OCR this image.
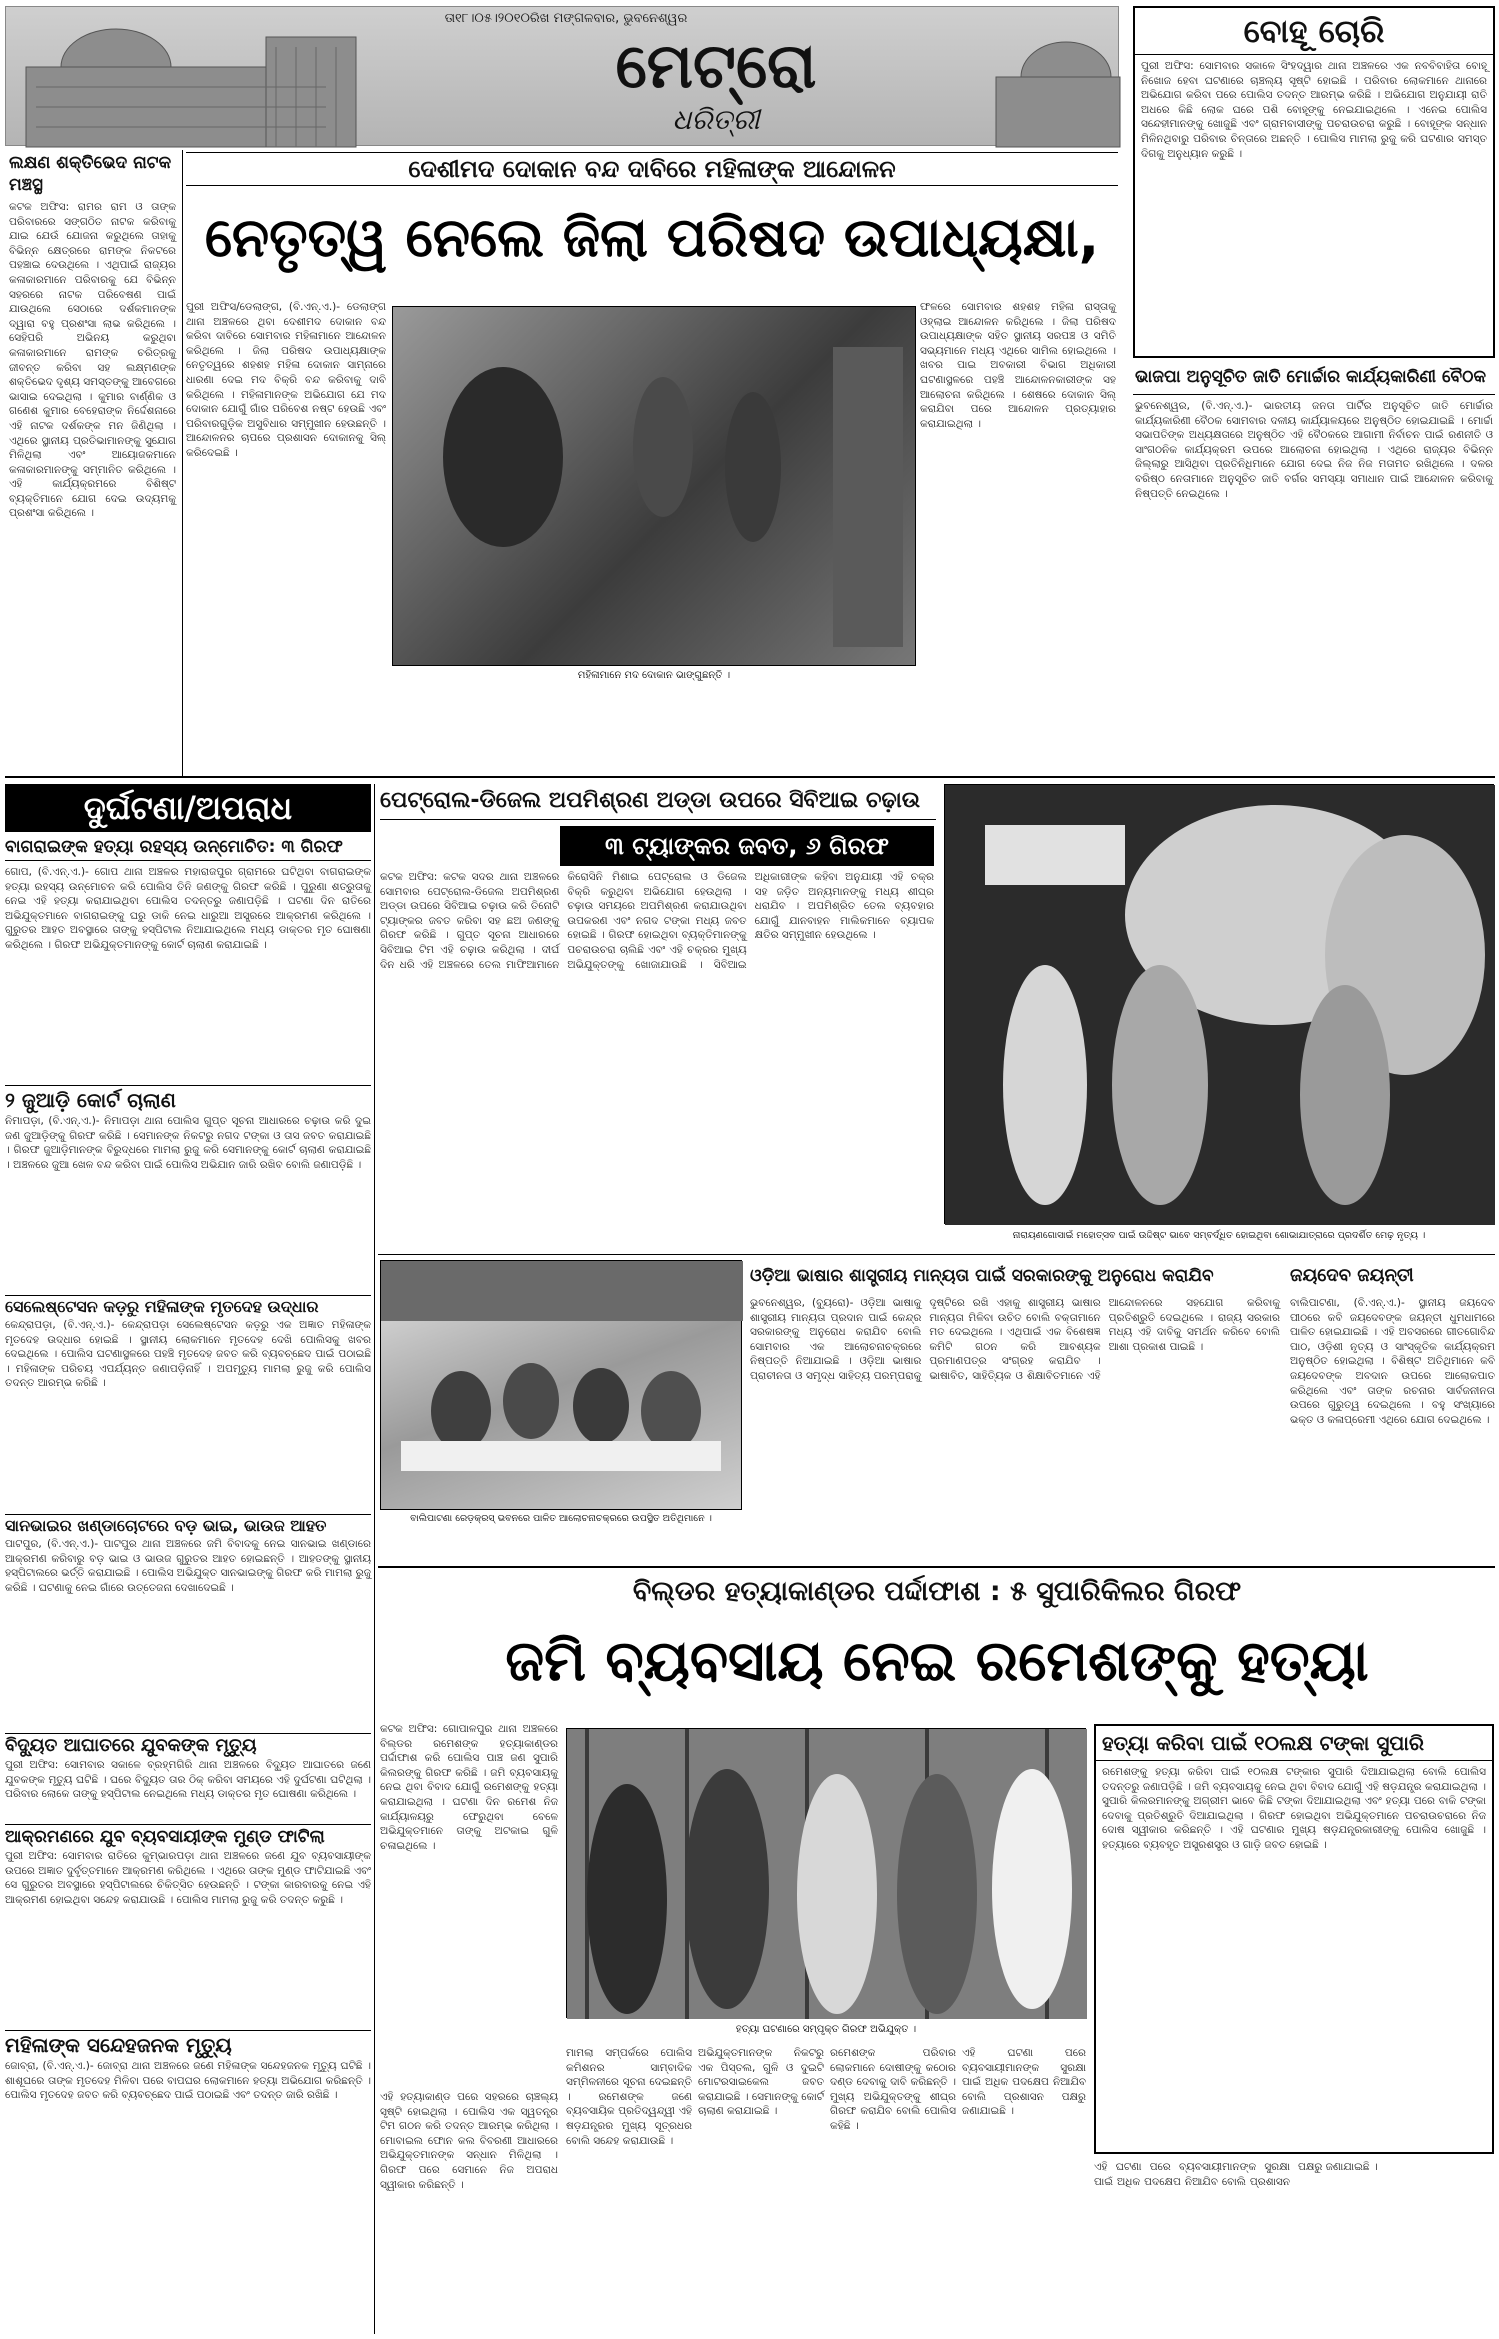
ତା୧୮।୦୫।୨୦୧୦ରିଖ ମଙ୍ଗଳବାର, ଭୁବନେଶ୍ୱର
ମେଟ୍ରୋ
ଧରିତ୍ରୀ
ଲକ୍ଷଣ ଶକ୍ତିଭେଦ ନାଟକ ମଞ୍ଚସ୍ଥ
କଟକ ଅଫିସ: ରାମର ରାମ ଓ ତାଙ୍କ ପରିବାରରେ ସଙ୍ଗଠିତ ନାଟକ କରିବାକୁ ଯାଇ ଯେଉଁ ଯୋଜନା କରୁଥିଲେ ତାହାକୁ ବିଭିନ୍ନ କ୍ଷେତ୍ରରେ ରାମଙ୍କ ନିକଟରେ ପହଞ୍ଚାଇ ଦେଉଥିଲେ । ଏଥିପାଇଁ ରାଜ୍ୟର କଳାକାରମାନେ ପରିବାରକୁ ଯେ ବିଭିନ୍ନ ସହରରେ ନାଟକ ପରିବେଷଣ ପାଇଁ ଯାଉଥିଲେ ସେଠାରେ ଦର୍ଶକମାନଙ୍କ ଦ୍ୱାରା ବହୁ ପ୍ରଶଂସା ଲାଭ କରିଥିଲେ । ସେହିପରି ଅଭିନୟ କରୁଥିବା କଳାକାରମାନେ ରାମଙ୍କ ଚରିତ୍ରକୁ ଜୀବନ୍ତ କରିବା ସହ ଲକ୍ଷ୍ମଣଙ୍କ ଶକ୍ତିଭେଦ ଦୃଶ୍ୟ ସମସ୍ତଙ୍କୁ ଆବେଗରେ ଭାସାଇ ଦେଇଥିଲା । କୁମାର ବାର୍ଣ୍ଣିକ ଓ ଗଣେଶ କୁମାର ବେହେରାଙ୍କ ନିର୍ଦ୍ଦେଶନାରେ ଏହି ନାଟକ ଦର୍ଶକଙ୍କ ମନ ଜିଣିଥିଲା । ଏଥିରେ ସ୍ଥାନୀୟ ପ୍ରତିଭାମାନଙ୍କୁ ସୁଯୋଗ ମିଳିଥିଲା ଏବଂ ଆୟୋଜକମାନେ କଳାକାରମାନଙ୍କୁ ସମ୍ମାନିତ କରିଥିଲେ । ଏହି କାର୍ଯ୍ୟକ୍ରମରେ ବିଶିଷ୍ଟ ବ୍ୟକ୍ତିମାନେ ଯୋଗ ଦେଇ ଉଦ୍ୟମକୁ ପ୍ରଶଂସା କରିଥିଲେ ।
ଦେଶୀମଦ ଦୋକାନ ବନ୍ଦ ଦାବିରେ ମହିଳାଙ୍କ ଆନ୍ଦୋଳନ
ନେତୃତ୍ୱ ନେଲେ ଜିଲା ପରିଷଦ ଉପାଧ୍ୟକ୍ଷା,
ପୁରୀ ଅଫିସ/ଡେଲାଙ୍ଗ, (ବି.ଏନ୍.ଏ.)- ଡେଲାଙ୍ଗ ଥାନା ଅଞ୍ଚଳରେ ଥିବା ଦେଶୀମଦ ଦୋକାନ ବନ୍ଦ କରିବା ଦାବିରେ ସୋମବାର ମହିଳାମାନେ ଆନ୍ଦୋଳନ କରିଥିଲେ । ଜିଲା ପରିଷଦ ଉପାଧ୍ୟକ୍ଷାଙ୍କ ନେତୃତ୍ୱରେ ଶହଶହ ମହିଳା ଦୋକାନ ସାମ୍ନାରେ ଧାରଣା ଦେଇ ମଦ ବିକ୍ରି ବନ୍ଦ କରିବାକୁ ଦାବି କରିଥିଲେ । ମହିଳାମାନଙ୍କ ଅଭିଯୋଗ ଯେ ମଦ ଦୋକାନ ଯୋଗୁଁ ଗାଁର ପରିବେଶ ନଷ୍ଟ ହେଉଛି ଏବଂ ପରିବାରଗୁଡ଼ିକ ଅସୁବିଧାର ସମ୍ମୁଖୀନ ହେଉଛନ୍ତି । ଆନ୍ଦୋଳନର ଚାପରେ ପ୍ରଶାସନ ଦୋକାନକୁ ସିଲ୍ କରିଦେଇଛି ।
ମହିଳାମାନେ ମଦ ଦୋକାନ ଭାଙ୍ଗୁଛନ୍ତି ।
ଫଳରେ ସୋମବାର ଶହଶହ ମହିଳା ରାସ୍ତାକୁ ଓହ୍ଲାଇ ଆନ୍ଦୋଳନ କରିଥିଲେ । ଜିଲା ପରିଷଦ ଉପାଧ୍ୟକ୍ଷାଙ୍କ ସହିତ ସ୍ଥାନୀୟ ସରପଞ୍ଚ ଓ ସମିତି ସଭ୍ୟମାନେ ମଧ୍ୟ ଏଥିରେ ସାମିଲ ହୋଇଥିଲେ । ଖବର ପାଇ ଅବକାରୀ ବିଭାଗ ଅଧିକାରୀ ଘଟଣାସ୍ଥଳରେ ପହଞ୍ଚି ଆନ୍ଦୋଳନକାରୀଙ୍କ ସହ ଆଲୋଚନା କରିଥିଲେ । ଶେଷରେ ଦୋକାନ ସିଲ୍ କରାଯିବା ପରେ ଆନ୍ଦୋଳନ ପ୍ରତ୍ୟାହାର କରାଯାଇଥିଲା ।
ବୋହୂ ଚୋରି
ପୁରୀ ଅଫିସ: ସୋମବାର ସକାଳେ ସିଂହଦ୍ୱାର ଥାନା ଅଞ୍ଚଳରେ ଏକ ନବବିବାହିତା ବୋହୂ ନିଖୋଜ ହେବା ଘଟଣାରେ ଚାଞ୍ଚଲ୍ୟ ସୃଷ୍ଟି ହୋଇଛି । ପରିବାର ଲୋକମାନେ ଥାନାରେ ଅଭିଯୋଗ କରିବା ପରେ ପୋଲିସ ତଦନ୍ତ ଆରମ୍ଭ କରିଛି । ଅଭିଯୋଗ ଅନୁଯାୟୀ ରାତି ଅଧରେ କିଛି ଲୋକ ଘରେ ପଶି ବୋହୂଙ୍କୁ ନେଇଯାଇଥିଲେ । ଏନେଇ ପୋଲିସ ସନ୍ଦେହୀମାନଙ୍କୁ ଖୋଜୁଛି ଏବଂ ଗ୍ରାମବାସୀଙ୍କୁ ପଚରାଉଚରା କରୁଛି । ବୋହୂଙ୍କ ସନ୍ଧାନ ମିଳିନଥିବାରୁ ପରିବାର ଚିନ୍ତାରେ ଅଛନ୍ତି । ପୋଲିସ ମାମଲା ରୁଜୁ କରି ଘଟଣାର ସମସ୍ତ ଦିଗକୁ ଅନୁଧ୍ୟାନ କରୁଛି ।
ଭାଜପା ଅନୁସୂଚିତ ଜାତି ମୋର୍ଚ୍ଚାର କାର୍ଯ୍ୟକାରିଣୀ ବୈଠକ
ଭୁବନେଶ୍ୱର, (ବି.ଏନ୍.ଏ.)- ଭାରତୀୟ ଜନତା ପାର୍ଟିର ଅନୁସୂଚିତ ଜାତି ମୋର୍ଚ୍ଚାର କାର୍ଯ୍ୟକାରିଣୀ ବୈଠକ ସୋମବାର ଦଳୀୟ କାର୍ଯ୍ୟାଳୟରେ ଅନୁଷ୍ଠିତ ହୋଇଯାଇଛି । ମୋର୍ଚ୍ଚା ସଭାପତିଙ୍କ ଅଧ୍ୟକ୍ଷତାରେ ଅନୁଷ୍ଠିତ ଏହି ବୈଠକରେ ଆଗାମୀ ନିର୍ବାଚନ ପାଇଁ ରଣନୀତି ଓ ସାଂଗଠନିକ କାର୍ଯ୍ୟକ୍ରମ ଉପରେ ଆଲୋଚନା ହୋଇଥିଲା । ଏଥିରେ ରାଜ୍ୟର ବିଭିନ୍ନ ଜିଲ୍ଲାରୁ ଆସିଥିବା ପ୍ରତିନିଧିମାନେ ଯୋଗ ଦେଇ ନିଜ ନିଜ ମତାମତ ରଖିଥିଲେ । ଦଳର ବରିଷ୍ଠ ନେତାମାନେ ଅନୁସୂଚିତ ଜାତି ବର୍ଗର ସମସ୍ୟା ସମାଧାନ ପାଇଁ ଆନ୍ଦୋଳନ କରିବାକୁ ନିଷ୍ପତ୍ତି ନେଇଥିଲେ ।
ଦୁର୍ଘଟଣା/ଅପରାଧ
ବାଗରାଇଙ୍କ ହତ୍ୟା ରହସ୍ୟ ଉନ୍ମୋଚିତ: ୩ ଗିରଫ
ଗୋପ, (ବି.ଏନ୍.ଏ.)- ଗୋପ ଥାନା ଅଞ୍ଚଳର ମହାରାଜପୁର ଗ୍ରାମରେ ଘଟିଥିବା ବାଗରାଇଙ୍କ ହତ୍ୟା ରହସ୍ୟ ଉନ୍ମୋଚନ କରି ପୋଲିସ ତିନି ଜଣଙ୍କୁ ଗିରଫ କରିଛି । ପୁରୁଣା ଶତ୍ରୁତାକୁ ନେଇ ଏହି ହତ୍ୟା କରାଯାଇଥିବା ପୋଲିସ ତଦନ୍ତରୁ ଜଣାପଡ଼ିଛି । ଘଟଣା ଦିନ ରାତିରେ ଅଭିଯୁକ୍ତମାନେ ବାଗରାଇଙ୍କୁ ଘରୁ ଡାକି ନେଇ ଧାରୁଆ ଅସ୍ତ୍ରରେ ଆକ୍ରମଣ କରିଥିଲେ । ଗୁରୁତର ଆହତ ଅବସ୍ଥାରେ ତାଙ୍କୁ ହସ୍ପିଟାଲ ନିଆଯାଇଥିଲେ ମଧ୍ୟ ଡାକ୍ତର ମୃତ ଘୋଷଣା କରିଥିଲେ । ଗିରଫ ଅଭିଯୁକ୍ତମାନଙ୍କୁ କୋର୍ଟ ଚାଲାଣ କରାଯାଇଛି ।
୨ ଜୁଆଡ଼ି କୋର୍ଟ ଚାଲାଣ
ନିମାପଡ଼ା, (ବି.ଏନ୍.ଏ.)- ନିମାପଡ଼ା ଥାନା ପୋଲିସ ଗୁପ୍ତ ସୂଚନା ଆଧାରରେ ଚଢ଼ାଉ କରି ଦୁଇ ଜଣ ଜୁଆଡ଼ିଙ୍କୁ ଗିରଫ କରିଛି । ସେମାନଙ୍କ ନିକଟରୁ ନଗଦ ଟଙ୍କା ଓ ତାସ ଜବତ କରାଯାଇଛି । ଗିରଫ ଜୁଆଡ଼ିମାନଙ୍କ ବିରୁଦ୍ଧରେ ମାମଲା ରୁଜୁ କରି ସେମାନଙ୍କୁ କୋର୍ଟ ଚାଲାଣ କରାଯାଇଛି । ଅଞ୍ଚଳରେ ଜୁଆ ଖେଳ ବନ୍ଦ କରିବା ପାଇଁ ପୋଲିସ ଅଭିଯାନ ଜାରି ରଖିବ ବୋଲି ଜଣାପଡ଼ିଛି ।
ସେଲେଷ୍ଟେସନ କଡ଼ରୁ ମହିଳାଙ୍କ ମୃତଦେହ ଉଦ୍ଧାର
କେନ୍ଦ୍ରାପଡ଼ା, (ବି.ଏନ୍.ଏ.)- କେନ୍ଦ୍ରାପଡ଼ା ସେଲେଷ୍ଟେସନ କଡ଼ରୁ ଏକ ଅଜ୍ଞାତ ମହିଳାଙ୍କ ମୃତଦେହ ଉଦ୍ଧାର ହୋଇଛି । ସ୍ଥାନୀୟ ଲୋକମାନେ ମୃତଦେହ ଦେଖି ପୋଲିସକୁ ଖବର ଦେଇଥିଲେ । ପୋଲିସ ଘଟଣାସ୍ଥଳରେ ପହଞ୍ଚି ମୃତଦେହ ଜବତ କରି ବ୍ୟବଚ୍ଛେଦ ପାଇଁ ପଠାଇଛି । ମହିଳାଙ୍କ ପରିଚୟ ଏପର୍ଯ୍ୟନ୍ତ ଜଣାପଡ଼ିନାହିଁ । ଅପମୃତ୍ୟୁ ମାମଲା ରୁଜୁ କରି ପୋଲିସ ତଦନ୍ତ ଆରମ୍ଭ କରିଛି ।
ସାନଭାଇର ଖଣ୍ଡାଚୋଟରେ ବଡ଼ ଭାଇ, ଭାଉଜ ଆହତ
ପାଟପୁର, (ବି.ଏନ୍.ଏ.)- ପାଟପୁର ଥାନା ଅଞ୍ଚଳରେ ଜମି ବିବାଦକୁ ନେଇ ସାନଭାଇ ଖଣ୍ଡାରେ ଆକ୍ରମଣ କରିବାରୁ ବଡ଼ ଭାଇ ଓ ଭାଉଜ ଗୁରୁତର ଆହତ ହୋଇଛନ୍ତି । ଆହତଙ୍କୁ ସ୍ଥାନୀୟ ହସ୍ପିଟାଲରେ ଭର୍ତ୍ତି କରାଯାଇଛି । ପୋଲିସ ଅଭିଯୁକ୍ତ ସାନଭାଇଙ୍କୁ ଗିରଫ କରି ମାମଲା ରୁଜୁ କରିଛି । ଘଟଣାକୁ ନେଇ ଗାଁରେ ଉତ୍ତେଜନା ଦେଖାଦେଇଛି ।
ବିଦ୍ୟୁତ ଆଘାତରେ ଯୁବକଙ୍କ ମୃତ୍ୟୁ
ପୁରୀ ଅଫିସ: ସୋମବାର ସକାଳେ ବ୍ରହ୍ମଗିରି ଥାନା ଅଞ୍ଚଳରେ ବିଦ୍ୟୁତ ଆଘାତରେ ଜଣେ ଯୁବକଙ୍କ ମୃତ୍ୟୁ ଘଟିଛି । ଘରେ ବିଦ୍ୟୁତ ତାର ଠିକ୍ କରିବା ସମୟରେ ଏହି ଦୁର୍ଘଟଣା ଘଟିଥିଲା । ପରିବାର ଲୋକେ ତାଙ୍କୁ ହସ୍ପିଟାଲ ନେଇଥିଲେ ମଧ୍ୟ ଡାକ୍ତର ମୃତ ଘୋଷଣା କରିଥିଲେ ।
ଆକ୍ରମଣରେ ଯୁବ ବ୍ୟବସାୟୀଙ୍କ ମୁଣ୍ଡ ଫାଟିଲା
ପୁରୀ ଅଫିସ: ସୋମବାର ରାତିରେ କୁମ୍ଭାରପଡ଼ା ଥାନା ଅଞ୍ଚଳରେ ଜଣେ ଯୁବ ବ୍ୟବସାୟୀଙ୍କ ଉପରେ ଅଜ୍ଞାତ ଦୁର୍ବୃତ୍ତମାନେ ଆକ୍ରମଣ କରିଥିଲେ । ଏଥିରେ ତାଙ୍କ ମୁଣ୍ଡ ଫାଟିଯାଇଛି ଏବଂ ସେ ଗୁରୁତର ଅବସ୍ଥାରେ ହସ୍ପିଟାଲରେ ଚିକିତ୍ସିତ ହେଉଛନ୍ତି । ଟଙ୍କା କାରବାରକୁ ନେଇ ଏହି ଆକ୍ରମଣ ହୋଇଥିବା ସନ୍ଦେହ କରାଯାଉଛି । ପୋଲିସ ମାମଲା ରୁଜୁ କରି ତଦନ୍ତ କରୁଛି ।
ମହିଳାଙ୍କ ସନ୍ଦେହଜନକ ମୃତ୍ୟୁ
ଜୋବ୍ରା, (ବି.ଏନ୍.ଏ.)- ଜୋବ୍ରା ଥାନା ଅଞ୍ଚଳରେ ଜଣେ ମହିଳାଙ୍କ ସନ୍ଦେହଜନକ ମୃତ୍ୟୁ ଘଟିଛି । ଶାଶୂଘରେ ତାଙ୍କ ମୃତଦେହ ମିଳିବା ପରେ ବାପଘର ଲୋକମାନେ ହତ୍ୟା ଅଭିଯୋଗ କରିଛନ୍ତି । ପୋଲିସ ମୃତଦେହ ଜବତ କରି ବ୍ୟବଚ୍ଛେଦ ପାଇଁ ପଠାଇଛି ଏବଂ ତଦନ୍ତ ଜାରି ରଖିଛି ।
ପେଟ୍ରୋଲ-ଡିଜେଲ ଅପମିଶ୍ରଣ ଅଡ୍ଡା ଉପରେ ସିବିଆଇ ଚଢ଼ାଉ
୩ ଟ୍ୟାଙ୍କର ଜବତ, ୬ ଗିରଫ
କଟକ ଅଫିସ: କଟକ ସଦର ଥାନା ଅଞ୍ଚଳରେ ସୋମବାର ପେଟ୍ରୋଲ-ଡିଜେଲ ଅପମିଶ୍ରଣ ଅଡ୍ଡା ଉପରେ ସିବିଆଇ ଚଢ଼ାଉ କରି ତିନୋଟି ଟ୍ୟାଙ୍କର ଜବତ କରିବା ସହ ଛଅ ଜଣଙ୍କୁ ଗିରଫ କରିଛି । ଗୁପ୍ତ ସୂଚନା ଆଧାରରେ ସିବିଆଇ ଟିମ ଏହି ଚଢ଼ାଉ କରିଥିଲା । ଦୀର୍ଘ ଦିନ ଧରି ଏହି ଅଞ୍ଚଳରେ ତେଲ ମାଫିଆମାନେ କିରୋସିନି ମିଶାଇ ପେଟ୍ରୋଲ ଓ ଡିଜେଲ ବିକ୍ରି କରୁଥିବା ଅଭିଯୋଗ ହେଉଥିଲା । ଚଢ଼ାଉ ସମୟରେ ଅପମିଶ୍ରଣ କରାଯାଉଥିବା ଉପକରଣ ଏବଂ ନଗଦ ଟଙ୍କା ମଧ୍ୟ ଜବତ ହୋଇଛି । ଗିରଫ ହୋଇଥିବା ବ୍ୟକ୍ତିମାନଙ୍କୁ ପଚରାଉଚରା ଚାଲିଛି ଏବଂ ଏହି ଚକ୍ରର ମୁଖ୍ୟ ଅଭିଯୁକ୍ତଙ୍କୁ ଖୋଜାଯାଉଛି । ସିବିଆଇ ଅଧିକାରୀଙ୍କ କହିବା ଅନୁଯାୟୀ ଏହି ଚକ୍ର ସହ ଜଡ଼ିତ ଅନ୍ୟମାନଙ୍କୁ ମଧ୍ୟ ଶୀଘ୍ର ଧରାଯିବ । ଅପମିଶ୍ରିତ ତେଲ ବ୍ୟବହାର ଯୋଗୁଁ ଯାନବାହନ ମାଲିକମାନେ ବ୍ୟାପକ କ୍ଷତିର ସମ୍ମୁଖୀନ ହେଉଥିଲେ ।
ନାରାୟଣଗୋସାଇଁ ମହୋତ୍ସବ ପାଇଁ ଉଦ୍ଦିଷ୍ଟ ଭାବେ ସମ୍ବର୍ଦ୍ଧିତ ହୋଇଥିବା ଶୋଭାଯାତ୍ରାରେ ପ୍ରଦର୍ଶିତ ମେଢ଼ ନୃତ୍ୟ ।
ବାଲିପାଟଣା ରେଡ଼କ୍ରସ୍ ଭବନରେ ପାଳିତ ଆଲୋଚନାଚକ୍ରରେ ଉପସ୍ଥିତ ଅତିଥିମାନେ ।
ଓଡ଼ିଆ ଭାଷାର ଶାସ୍ତ୍ରୀୟ ମାନ୍ୟତା ପାଇଁ ସରକାରଙ୍କୁ ଅନୁରୋଧ କରାଯିବ
ଭୁବନେଶ୍ୱର, (ବ୍ୟୁରୋ)- ଓଡ଼ିଆ ଭାଷାକୁ ଶାସ୍ତ୍ରୀୟ ମାନ୍ୟତା ପ୍ରଦାନ ପାଇଁ କେନ୍ଦ୍ର ସରକାରଙ୍କୁ ଅନୁରୋଧ କରାଯିବ ବୋଲି ସୋମବାର ଏକ ଆଲୋଚନାଚକ୍ରରେ ନିଷ୍ପତ୍ତି ନିଆଯାଇଛି । ଓଡ଼ିଆ ଭାଷାର ପ୍ରାଚୀନତା ଓ ସମୃଦ୍ଧ ସାହିତ୍ୟ ପରମ୍ପରାକୁ ଦୃଷ୍ଟିରେ ରଖି ଏହାକୁ ଶାସ୍ତ୍ରୀୟ ଭାଷାର ମାନ୍ୟତା ମିଳିବା ଉଚିତ ବୋଲି ବକ୍ତାମାନେ ମତ ଦେଇଥିଲେ । ଏଥିପାଇଁ ଏକ ବିଶେଷଜ୍ଞ କମିଟି ଗଠନ କରି ଆବଶ୍ୟକ ପ୍ରମାଣପତ୍ର ସଂଗ୍ରହ କରାଯିବ । ଭାଷାବିତ, ସାହିତ୍ୟିକ ଓ ଶିକ୍ଷାବିତମାନେ ଏହି ଆନ୍ଦୋଳନରେ ସହଯୋଗ କରିବାକୁ ପ୍ରତିଶ୍ରୁତି ଦେଇଥିଲେ । ରାଜ୍ୟ ସରକାର ମଧ୍ୟ ଏହି ଦାବିକୁ ସମର୍ଥନ କରିବେ ବୋଲି ଆଶା ପ୍ରକାଶ ପାଇଛି ।
ଜୟଦେବ ଜୟନ୍ତୀ
ବାଲିପାଟଣା, (ବି.ଏନ୍.ଏ.)- ସ୍ଥାନୀୟ ଜୟଦେବ ପୀଠରେ କବି ଜୟଦେବଙ୍କ ଜୟନ୍ତୀ ଧୁମଧାମରେ ପାଳିତ ହୋଇଯାଇଛି । ଏହି ଅବସରରେ ଗୀତଗୋବିନ୍ଦ ପାଠ, ଓଡ଼ିଶୀ ନୃତ୍ୟ ଓ ସାଂସ୍କୃତିକ କାର୍ଯ୍ୟକ୍ରମ ଅନୁଷ୍ଠିତ ହୋଇଥିଲା । ବିଶିଷ୍ଟ ଅତିଥିମାନେ କବି ଜୟଦେବଙ୍କ ଅବଦାନ ଉପରେ ଆଲୋକପାତ କରିଥିଲେ ଏବଂ ତାଙ୍କ ରଚନାର ସାର୍ବଜନୀନତା ଉପରେ ଗୁରୁତ୍ୱ ଦେଇଥିଲେ । ବହୁ ସଂଖ୍ୟାରେ ଭକ୍ତ ଓ କଳାପ୍ରେମୀ ଏଥିରେ ଯୋଗ ଦେଇଥିଲେ ।
ବିଲ୍ଡର ହତ୍ୟାକାଣ୍ଡର ପର୍ଦ୍ଦାଫାଶ : ୫ ସୁପାରିକିଲର ଗିରଫ
ଜମି ବ୍ୟବସାୟ ନେଇ ରମେଶଙ୍କୁ ହତ୍ୟା
କଟକ ଅଫିସ: ଗୋପାଳପୁର ଥାନା ଅଞ୍ଚଳରେ ବିଲ୍ଡର ରମେଶଙ୍କ ହତ୍ୟାକାଣ୍ଡର ପର୍ଦ୍ଦାଫାଶ କରି ପୋଲିସ ପାଞ୍ଚ ଜଣ ସୁପାରି କିଲରଙ୍କୁ ଗିରଫ କରିଛି । ଜମି ବ୍ୟବସାୟକୁ ନେଇ ଥିବା ବିବାଦ ଯୋଗୁଁ ରମେଶଙ୍କୁ ହତ୍ୟା କରାଯାଇଥିଲା । ଘଟଣା ଦିନ ରମେଶ ନିଜ କାର୍ଯ୍ୟାଳୟରୁ ଫେରୁଥିବା ବେଳେ ଅଭିଯୁକ୍ତମାନେ ତାଙ୍କୁ ଅଟକାଇ ଗୁଳି ଚଳାଇଥିଲେ ।
ହତ୍ୟା ଘଟଣାରେ ସମ୍ପୃକ୍ତ ଗିରଫ ଅଭିଯୁକ୍ତ ।
ଏହି ହତ୍ୟାକାଣ୍ଡ ପରେ ସହରରେ ଚାଞ୍ଚଲ୍ୟ ସୃଷ୍ଟି ହୋଇଥିଲା । ପୋଲିସ ଏକ ସ୍ୱତନ୍ତ୍ର ଟିମ ଗଠନ କରି ତଦନ୍ତ ଆରମ୍ଭ କରିଥିଲା । ମୋବାଇଲ ଫୋନ କଲ ବିବରଣୀ ଆଧାରରେ ଅଭିଯୁକ୍ତମାନଙ୍କ ସନ୍ଧାନ ମିଳିଥିଲା । ଗିରଫ ପରେ ସେମାନେ ନିଜ ଅପରାଧ ସ୍ୱୀକାର କରିଛନ୍ତି ।
ମାମଲା ସମ୍ପର୍କରେ ପୋଲିସ କମିଶନର ସାମ୍ବାଦିକ ସମ୍ମିଳନୀରେ ସୂଚନା ଦେଇଛନ୍ତି । ରମେଶଙ୍କ ଜଣେ ବ୍ୟବସାୟିକ ପ୍ରତିଦ୍ୱନ୍ଦ୍ୱୀ ଏହି ଷଡ଼ଯନ୍ତ୍ରର ମୁଖ୍ୟ ସୂତ୍ରଧର ବୋଲି ସନ୍ଦେହ କରାଯାଉଛି ।
ଅଭିଯୁକ୍ତମାନଙ୍କ ନିକଟରୁ ଏକ ପିସ୍ତଲ, ଗୁଳି ଓ ଦୁଇଟି ମୋଟରସାଇକେଲ ଜବତ କରାଯାଇଛି । ସେମାନଙ୍କୁ କୋର୍ଟ ଚାଲାଣ କରାଯାଇଛି ।
ରମେଶଙ୍କ ପରିବାର ଲୋକମାନେ ଦୋଷୀଙ୍କୁ କଠୋର ଦଣ୍ଡ ଦେବାକୁ ଦାବି କରିଛନ୍ତି । ମୁଖ୍ୟ ଅଭିଯୁକ୍ତଙ୍କୁ ଶୀଘ୍ର ଗିରଫ କରାଯିବ ବୋଲି ପୋଲିସ କହିଛି ।
ଏହି ଘଟଣା ପରେ ବ୍ୟବସାୟୀମାନଙ୍କ ସୁରକ୍ଷା ପାଇଁ ଅଧିକ ପଦକ୍ଷେପ ନିଆଯିବ ବୋଲି ପ୍ରଶାସନ ପକ୍ଷରୁ ଜଣାଯାଇଛି ।
ହତ୍ୟା କରିବା ପାଇଁ ୧୦ଲକ୍ଷ ଟଙ୍କା ସୁପାରି
ରମେଶଙ୍କୁ ହତ୍ୟା କରିବା ପାଇଁ ୧୦ଲକ୍ଷ ଟଙ୍କାର ସୁପାରି ଦିଆଯାଇଥିଲା ବୋଲି ପୋଲିସ ତଦନ୍ତରୁ ଜଣାପଡ଼ିଛି । ଜମି ବ୍ୟବସାୟକୁ ନେଇ ଥିବା ବିବାଦ ଯୋଗୁଁ ଏହି ଷଡ଼ଯନ୍ତ୍ର କରାଯାଇଥିଲା । ସୁପାରି କିଲରମାନଙ୍କୁ ଅଗ୍ରୀମ ଭାବେ କିଛି ଟଙ୍କା ଦିଆଯାଇଥିଲା ଏବଂ ହତ୍ୟା ପରେ ବାକି ଟଙ୍କା ଦେବାକୁ ପ୍ରତିଶ୍ରୁତି ଦିଆଯାଇଥିଲା । ଗିରଫ ହୋଇଥିବା ଅଭିଯୁକ୍ତମାନେ ପଚରାଉଚରାରେ ନିଜ ଦୋଷ ସ୍ୱୀକାର କରିଛନ୍ତି । ଏହି ଘଟଣାର ମୁଖ୍ୟ ଷଡ଼ଯନ୍ତ୍ରକାରୀଙ୍କୁ ପୋଲିସ ଖୋଜୁଛି । ହତ୍ୟାରେ ବ୍ୟବହୃତ ଅସ୍ତ୍ରଶସ୍ତ୍ର ଓ ଗାଡ଼ି ଜବତ ହୋଇଛି ।
ଏହି ଘଟଣା ପରେ ବ୍ୟବସାୟୀମାନଙ୍କ ସୁରକ୍ଷା ପାଇଁ ଅଧିକ ପଦକ୍ଷେପ ନିଆଯିବ ବୋଲି ପ୍ରଶାସନ ପକ୍ଷରୁ ଜଣାଯାଇଛି ।
